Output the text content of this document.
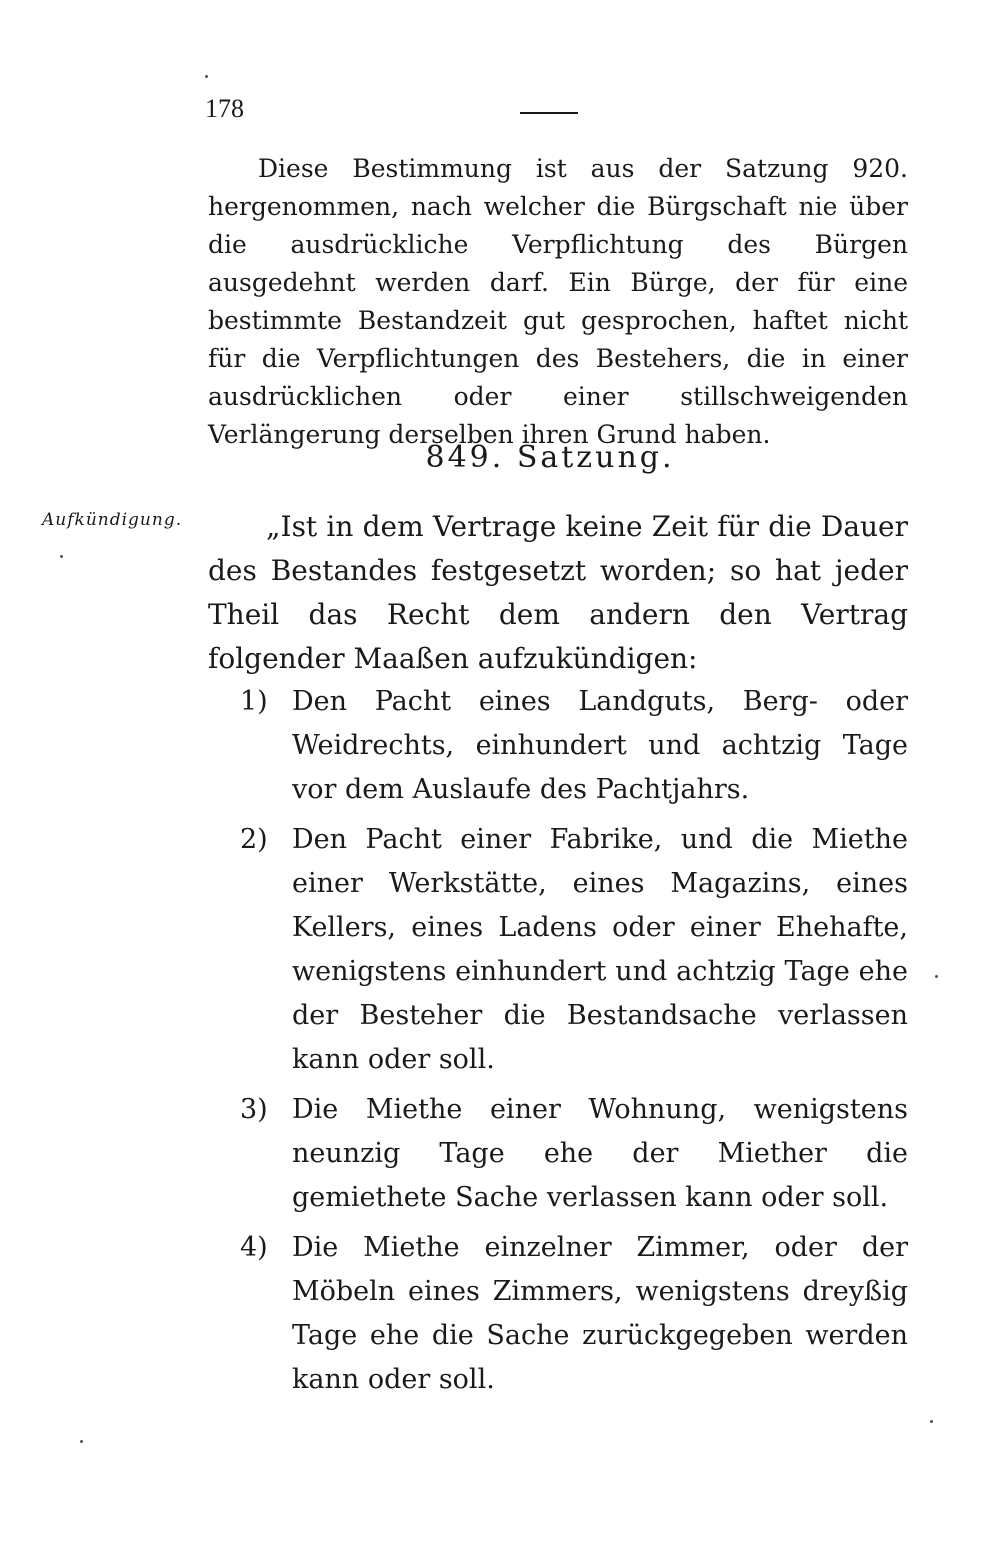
178

Diese Bestimmung ist aus der Satzung 920. hergenommen, nach welcher die Bürgschaft nie über die ausdrückliche Verpflichtung des Bürgen ausgedehnt werden darf. Ein Bürge, der für eine bestimmte Bestandzeit gut gesprochen, haftet nicht für die Verpflichtungen des Bestehers, die in einer ausdrücklichen oder einer stillschweigenden Verlängerung derselben ihren Grund haben.

849. Satzung.
Aufkündigung.	„Ist in dem Vertrage keine Zeit für die Dauer des Bestandes festgesetzt worden; so hat jeder Theil das Recht dem andern den Vertrag folgender Maaßen aufzukündigen:

1) Den Pacht eines Landguts, Berg- oder Weidrechts, einhundert und achtzig Tage vor dem Auslaufe des Pachtjahrs.
2) Den Pacht einer Fabrike, und die Miethe einer Werkstätte, eines Magazins, eines Kellers, eines Ladens oder einer Ehehafte, wenigstens einhundert und achtzig Tage ehe der Besteher die Bestandsache verlassen kann oder soll.
3) Die Miethe einer Wohnung, wenigstens neunzig Tage ehe der Miether die gemiethete Sache verlassen kann oder soll.
4) Die Miethe einzelner Zimmer, oder der Möbeln eines Zimmers, wenigstens dreyßig Tage ehe die Sache zurückgegeben werden kann oder soll.
